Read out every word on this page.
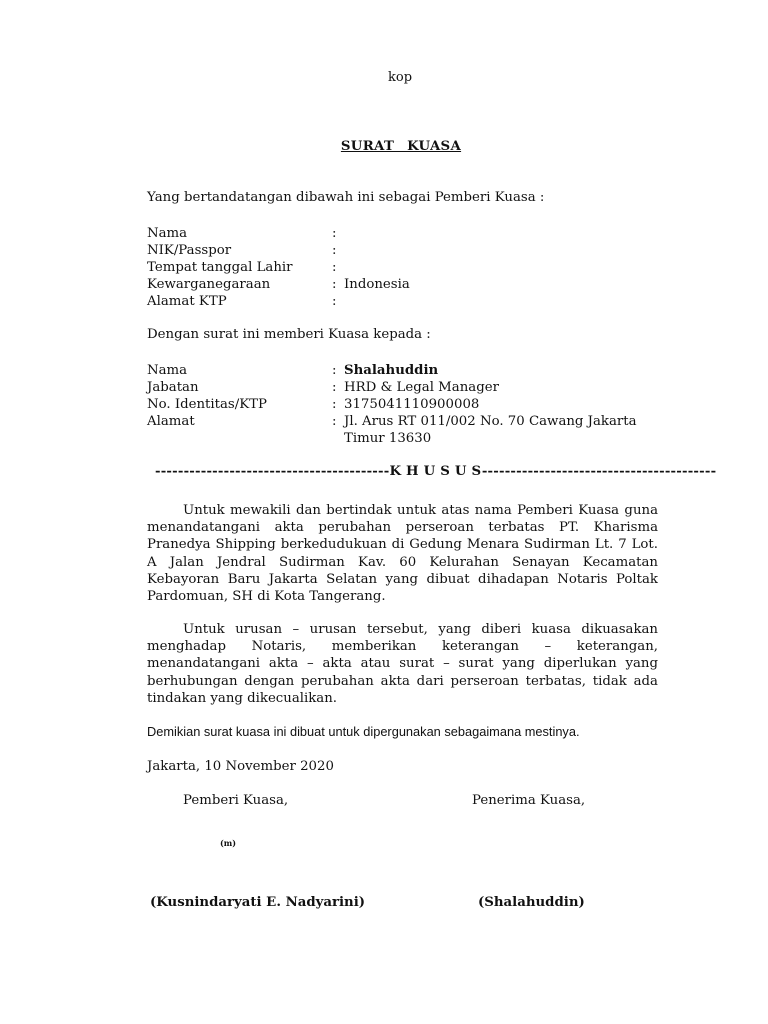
kop
SURAT KUASA
Yang bertandatangan dibawah ini sebagai Pemberi Kuasa :
Nama	:
NIK/Passpor	:
Tempat tanggal Lahir	:
Kewarganegaraan	: Indonesia
Alamat KTP	:
Dengan surat ini memberi Kuasa kepada :
Nama	: Shalahuddin
Jabatan	: HRD & Legal Manager
No. Identitas/KTP	: 3175041110900008
Alamat	: Jl. Arus RT 011/002 No. 70 Cawang Jakarta
Timur 13630
-----------------------------------------K H U S U S-----------------------------------------
Untuk mewakili dan bertindak untuk atas nama Pemberi Kuasa guna menandatangani akta perubahan perseroan terbatas PT. Kharisma Pranedya Shipping berkedudukuan di Gedung Menara Sudirman Lt. 7 Lot. A Jalan Jendral Sudirman Kav. 60 Kelurahan Senayan Kecamatan Kebayoran Baru Jakarta Selatan yang dibuat dihadapan Notaris Poltak Pardomuan, SH di Kota Tangerang.
Untuk urusan – urusan tersebut, yang diberi kuasa dikuasakan menghadap Notaris, memberikan keterangan – keterangan, menandatangani akta – akta atau surat – surat yang diperlukan yang berhubungan dengan perubahan akta dari perseroan terbatas, tidak ada tindakan yang dikecualikan.
Demikian surat kuasa ini dibuat untuk dipergunakan sebagaimana mestinya.
Jakarta, 10 November 2020
Pemberi Kuasa,	Penerima Kuasa,
(m)
(Kusnindaryati E. Nadyarini)	(Shalahuddin)
